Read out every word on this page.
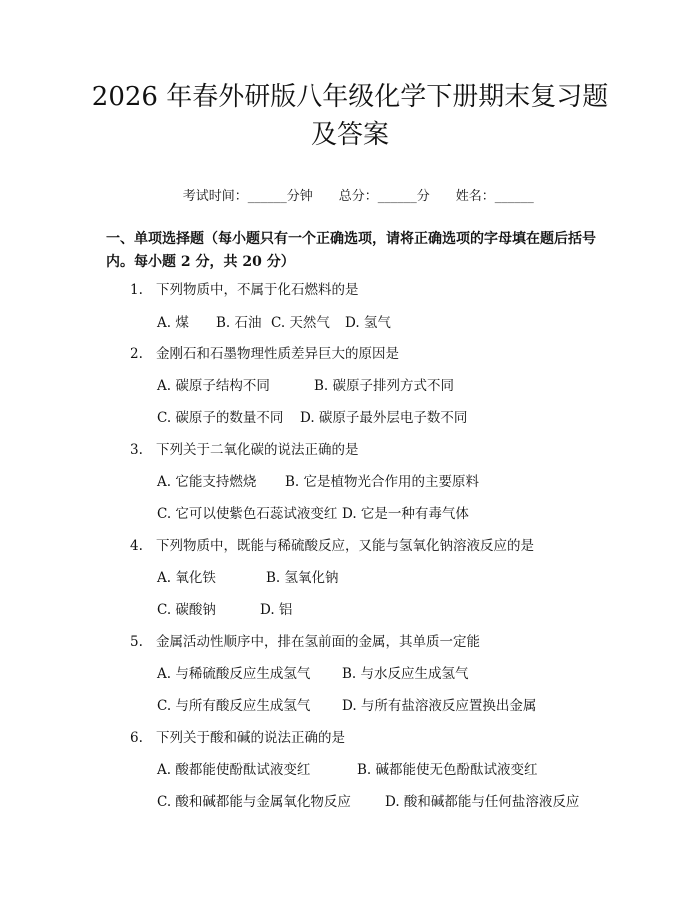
2026 年春外研版八年级化学下册期末复习题
及答案

考试时间：______分钟 总分：______分 姓名：______

一、单项选择题（每小题只有一个正确选项，请将正确选项的字母填在题后括号内。每小题 2 分，共 20 分）
1. 下列物质中，不属于化石燃料的是
A. 煤 B. 石油 C. 天然气 D. 氢气
2. 金刚石和石墨物理性质差异巨大的原因是
A. 碳原子结构不同	B. 碳原子排列方式不同
C. 碳原子的数量不同 D. 碳原子最外层电子数不同
3. 下列关于二氧化碳的说法正确的是
A. 它能支持燃烧 B. 它是植物光合作用的主要原料
C. 它可以使紫色石蕊试液变红 D. 它是一种有毒气体
4. 下列物质中，既能与稀硫酸反应，又能与氢氧化钠溶液反应的是
A. 氧化铁	B. 氢氧化钠
C. 碳酸钠	D. 铝
5. 金属活动性顺序中，排在氢前面的金属，其单质一定能
A. 与稀硫酸反应生成氢气 B. 与水反应生成氢气
C. 与所有酸反应生成氢气 D. 与所有盐溶液反应置换出金属
6. 下列关于酸和碱的说法正确的是
A. 酸都能使酚酞试液变红	B. 碱都能使无色酚酞试液变红
C. 酸和碱都能与金属氧化物反应	D. 酸和碱都能与任何盐溶液反应
